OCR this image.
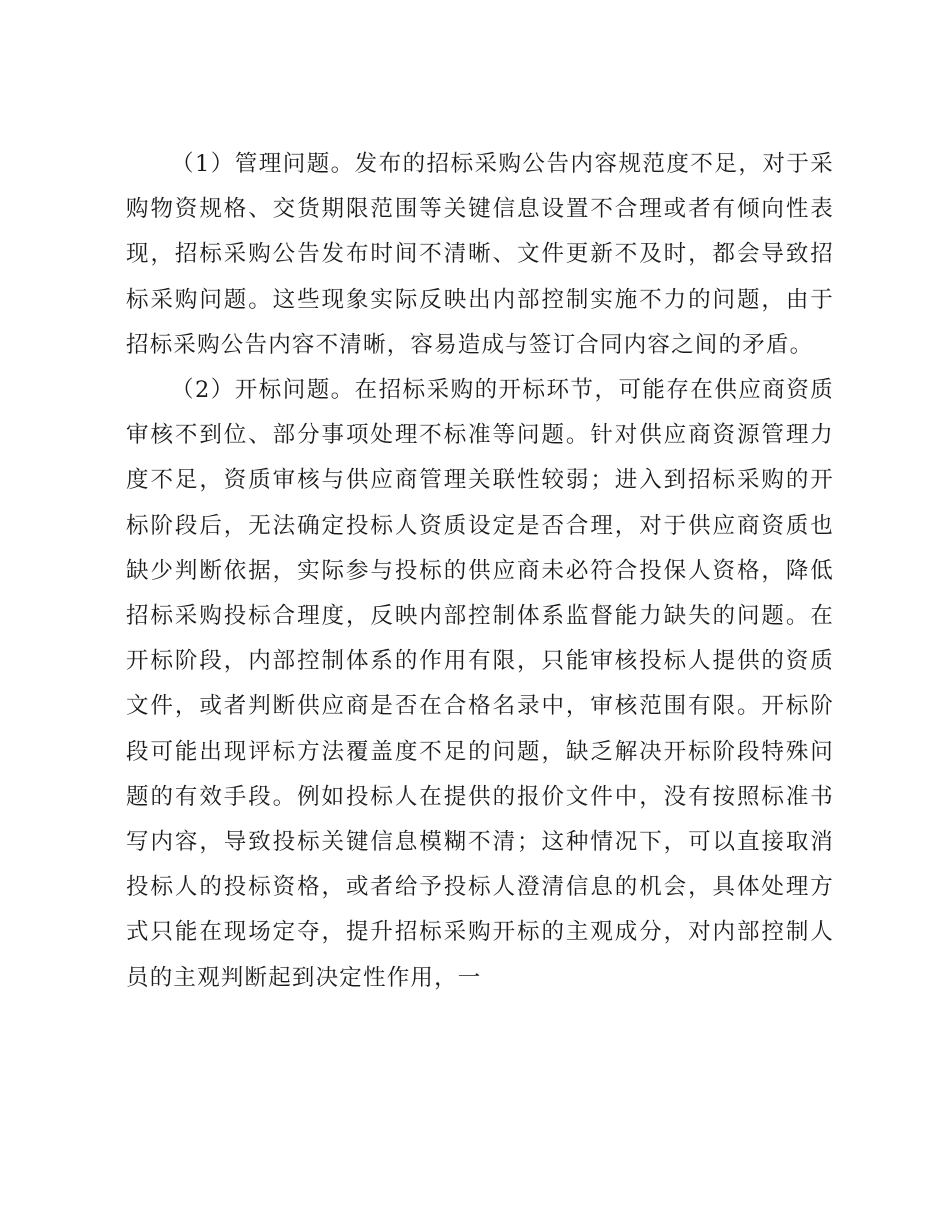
（1）管理问题。发布的招标采购公告内容规范度不足，对于采购物资规格、交货期限范围等关键信息设置不合理或者有倾向性表现，招标采购公告发布时间不清晰、文件更新不及时，都会导致招标采购问题。这些现象实际反映出内部控制实施不力的问题，由于招标采购公告内容不清晰，容易造成与签订合同内容之间的矛盾。

（2）开标问题。在招标采购的开标环节，可能存在供应商资质审核不到位、部分事项处理不标准等问题。针对供应商资源管理力度不足，资质审核与供应商管理关联性较弱；进入到招标采购的开标阶段后，无法确定投标人资质设定是否合理，对于供应商资质也缺少判断依据，实际参与投标的供应商未必符合投保人资格，降低招标采购投标合理度，反映内部控制体系监督能力缺失的问题。在开标阶段，内部控制体系的作用有限，只能审核投标人提供的资质文件，或者判断供应商是否在合格名录中，审核范围有限。开标阶段可能出现评标方法覆盖度不足的问题，缺乏解决开标阶段特殊问题的有效手段。例如投标人在提供的报价文件中，没有按照标准书写内容，导致投标关键信息模糊不清；这种情况下，可以直接取消投标人的投标资格，或者给予投标人澄清信息的机会，具体处理方式只能在现场定夺，提升招标采购开标的主观成分，对内部控制人员的主观判断起到决定性作用，一
